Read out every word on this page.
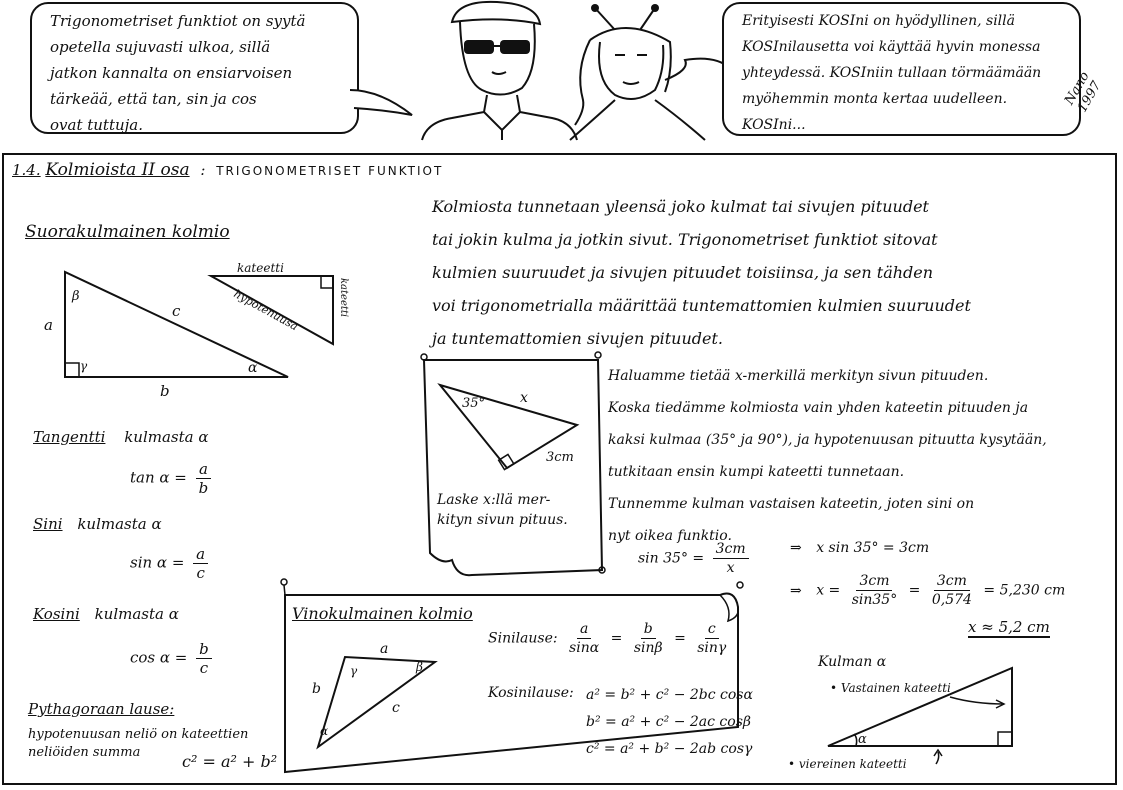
Trigonometriset funktiot on syytä
opetella sujuvasti ulkoa, sillä
jatkon kannalta on ensiarvoisen
tärkeää, että tan, sin ja cos
ovat tuttuja.
Erityisesti KOSIni on hyödyllinen, sillä
KOSInilausetta voi käyttää hyvin monessa
yhteydessä. KOSIniin tullaan törmäämään
myöhemmin monta kertaa uudelleen.
KOSIni...
Nano 1997
1.4. Kolmioista II osa : TRIGONOMETRISET FUNKTIOT
Suorakulmainen kolmio
a
c
b
β
γ	α
kateetti
kateetti
hypotenuusa
Tangentti kulmasta α
$\tan \alpha = \frac{a}{b}$
Sini kulmasta α
$\sin \alpha = \frac{a}{c}$
Kosini kulmasta α
$\cos \alpha = \frac{b}{c}$
Pythagoraan lause:
hypotenuusan neliö on kateettien
neliöiden summa	c² = a² + b²
Kolmiosta tunnetaan yleensä joko kulmat tai sivujen pituudet
tai jokin kulma ja jotkin sivut. Trigonometriset funktiot sitovat
kulmien suuruudet ja sivujen pituudet toisiinsa, ja sen tähden
voi trigonometrialla määrittää tuntemattomien kulmien suuruudet
ja tuntemattomien sivujen pituudet.
35° x
3cm
Laske x:llä mer-
kityn sivun pituus.
Haluamme tietää x-merkillä merkityn sivun pituuden.
Koska tiedämme kolmiosta vain yhden kateetin pituuden ja
kaksi kulmaa (35° ja 90°), ja hypotenuusan pituutta kysytään,
tutkitaan ensin kumpi kateetti tunnetaan.
Tunnemme kulman vastaisen kateetin, joten sini on
nyt oikea funktio.
$\sin 35^\circ = \frac{3cm}{x}$	⇒ x sin 35° = 3cm
⇒ $x = \frac{3cm}{\sin 35^\circ} = \frac{3cm}{0,574} = 5,230$ cm
x ≈ 5,2 cm
a
b
c
γ	β
α
Vinokulmainen kolmio
Sinilause: $\frac{a}{\sin\alpha} = \frac{b}{\sin\beta} = \frac{c}{\sin\gamma}$
Kosinilause: a² = b² + c² − 2bc cosα
b² = a² + c² − 2ac cosβ
c² = a² + b² − 2ab cosγ
Kulman α
α
• Vastainen kateetti
• viereinen kateetti
